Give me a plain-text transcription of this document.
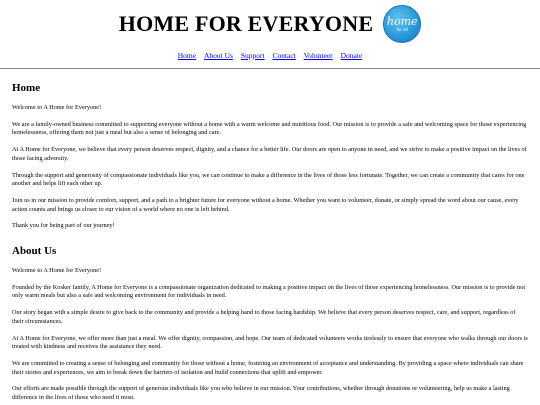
HOME FOR EVERYONE home
for all
Home About Us Support Contact Volunteer Donate
Home

Welcome to A Home for Everyone!

We are a family-owned business committed to supporting everyone without a home with a warm welcome and nutritious food. Our mission is to provide a safe and welcoming space for those experiencing homelessness, offering them not just a meal but also a sense of belonging and care.

At A Home for Everyone, we believe that every person deserves respect, dignity, and a chance for a better life. Our doors are open to anyone in need, and we strive to make a positive impact on the lives of those facing adversity.

Through the support and generosity of compassionate individuals like you, we can continue to make a difference in the lives of those less fortunate. Together, we can create a community that cares for one another and helps lift each other up.

Join us in our mission to provide comfort, support, and a path to a brighter future for everyone without a home. Whether you want to volunteer, donate, or simply spread the word about our cause, every action counts and brings us closer to our vision of a world where no one is left behind.

Thank you for being part of our journey!

About Us

Welcome to A Home for Everyone!

Founded by the Kosker family, A Home for Everyone is a compassionate organization dedicated to making a positive impact on the lives of those experiencing homelessness. Our mission is to provide not only warm meals but also a safe and welcoming environment for individuals in need.

Our story began with a simple desire to give back to the community and provide a helping hand to those facing hardship. We believe that every person deserves respect, care, and support, regardless of their circumstances.

At A Home for Everyone, we offer more than just a meal. We offer dignity, compassion, and hope. Our team of dedicated volunteers works tirelessly to ensure that everyone who walks through our doors is treated with kindness and receives the assistance they need.

We are committed to creating a sense of belonging and community for those without a home, fostering an environment of acceptance and understanding. By providing a space where individuals can share their stories and experiences, we aim to break down the barriers of isolation and build connections that uplift and empower.

Our efforts are made possible through the support of generous individuals like you who believe in our mission. Your contributions, whether through donations or volunteering, help us make a lasting difference in the lives of those who need it most.
